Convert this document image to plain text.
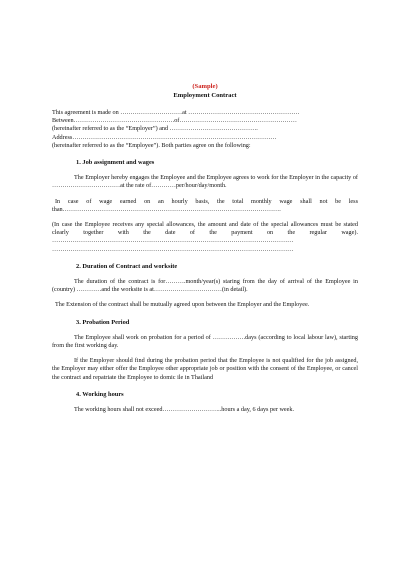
(Sample)
Employment Contract
This agreement is made on …………………………at ………………………………………………
Between………………………………………….of…………………………………………………
(hereinafter referred to as the “Employer”) and …………………………………….
Address………………………………………………………………………………………
(hereinafter referred to as the “Employee”). Both parties agree on the following:
1. Job assignment and wages
The Employer hereby engages the Employee and the Employee agrees to work for the Employer in the capacity of ……………………………at the rate of…………per/hour/day/month.
In case of wage earned on an hourly basis, the total monthly wage shall not be less than…………………………………………………………………………………………….
(In case the Employee receives any special allowances, the amount and date of the special allowances must be stated clearly together with the date of the payment on the regular wage). ……………………………………………………………………………………………………… ………………………………………………………………………………………………………
2. Duration of Contract and worksite
The duration of the contract is for……….month/year(s) staring from the day of arrival of the Employee in (country) …………and the worksite is at……………………………(in detail).
The Extension of the contract shall be mutually agreed upon between the Employer and the Employee.
3. Probation Period
The Employee shall work on probation for a period of …………….days (according to local labour law), starting from the first working day.
If the Employer should find during the probation period that the Employee is not qualified for the job assigned, the Employer may either offer the Employee other appropriate job or position with the consent of the Employee, or cancel the contract and repatriate the Employee to domic ile in Thailand
4. Working hours
The working hours shall not exceed………………………..hours a day, 6 days per week.
